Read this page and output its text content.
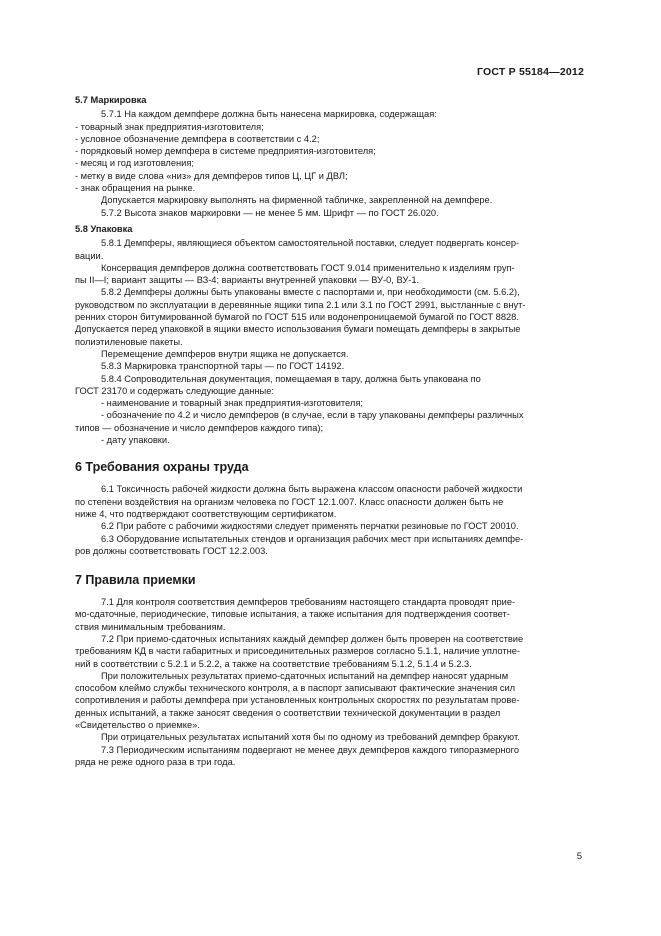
ГОСТ Р 55184—2012
5.7 Маркировка
5.7.1 На каждом демпфере должна быть нанесена маркировка, содержащая:
- товарный знак предприятия-изготовителя;
- условное обозначение демпфера в соответствии с 4.2;
- порядковый номер демпфера в системе предприятия-изготовителя;
- месяц и год изготовления;
- метку в виде слова «низ» для демпферов типов Ц, ЦГ и ДВЛ;
- знак обращения на рынке.
Допускается маркировку выполнять на фирменной табличке, закрепленной на демпфере.
5.7.2 Высота знаков маркировки — не менее 5 мм. Шрифт — по ГОСТ 26.020.
5.8 Упаковка
5.8.1 Демпферы, являющиеся объектом самостоятельной поставки, следует подвергать консер-
вации.
Консервация демпферов должна соответствовать ГОСТ 9.014 применительно к изделиям груп-
пы II—I; вариант защиты — ВЗ-4; варианты внутренней упаковки — ВУ-0, ВУ-1.
5.8.2 Демпферы должны быть упакованы вместе с паспортами и, при необходимости (см. 5.6.2),
руководством по эксплуатации в деревянные ящики типа 2.1 или 3.1 по ГОСТ 2991, выстланные с внут-
ренних сторон битумированной бумагой по ГОСТ 515 или водонепроницаемой бумагой по ГОСТ 8828.
Допускается перед упаковкой в ящики вместо использования бумаги помещать демпферы в закрытые
полиэтиленовые пакеты.
Перемещение демпферов внутри ящика не допускается.
5.8.3 Маркировка транспортной тары — по ГОСТ 14192.
5.8.4 Сопроводительная документация, помещаемая в тару, должна быть упакована по
ГОСТ 23170 и содержать следующие данные:
- наименование и товарный знак предприятия-изготовителя;
- обозначение по 4.2 и число демпферов (в случае, если в тару упакованы демпферы различных
типов — обозначение и число демпферов каждого типа);
- дату упаковки.
6 Требования охраны труда
6.1 Токсичность рабочей жидкости должна быть выражена классом опасности рабочей жидкости
по степени воздействия на организм человека по ГОСТ 12.1.007. Класс опасности должен быть не
ниже 4, что подтверждают соответствующим сертификатом.
6.2 При работе с рабочими жидкостями следует применять перчатки резиновые по ГОСТ 20010.
6.3 Оборудование испытательных стендов и организация рабочих мест при испытаниях демпфе-
ров должны соответствовать ГОСТ 12.2.003.
7 Правила приемки
7.1 Для контроля соответствия демпферов требованиям настоящего стандарта проводят прие-
мо-сдаточные, периодические, типовые испытания, а также испытания для подтверждения соответ-
ствия минимальным требованиям.
7.2 При приемо-сдаточных испытаниях каждый демпфер должен быть проверен на соответствие
требованиям КД в части габаритных и присоединительных размеров согласно 5.1.1, наличие уплотне-
ний в соответствии с 5.2.1 и 5.2.2, а также на соответствие требованиям 5.1.2, 5.1.4 и 5.2.3.
При положительных результатах приемо-сдаточных испытаний на демпфер наносят ударным
способом клеймо службы технического контроля, а в паспорт записывают фактические значения сил
сопротивления и работы демпфера при установленных контрольных скоростях по результатам прове-
денных испытаний, а также заносят сведения о соответствии технической документации в раздел
«Свидетельство о приемке».
При отрицательных результатах испытаний хотя бы по одному из требований демпфер бракуют.
7.3 Периодическим испытаниям подвергают не менее двух демпферов каждого типоразмерного
ряда не реже одного раза в три года.
5
